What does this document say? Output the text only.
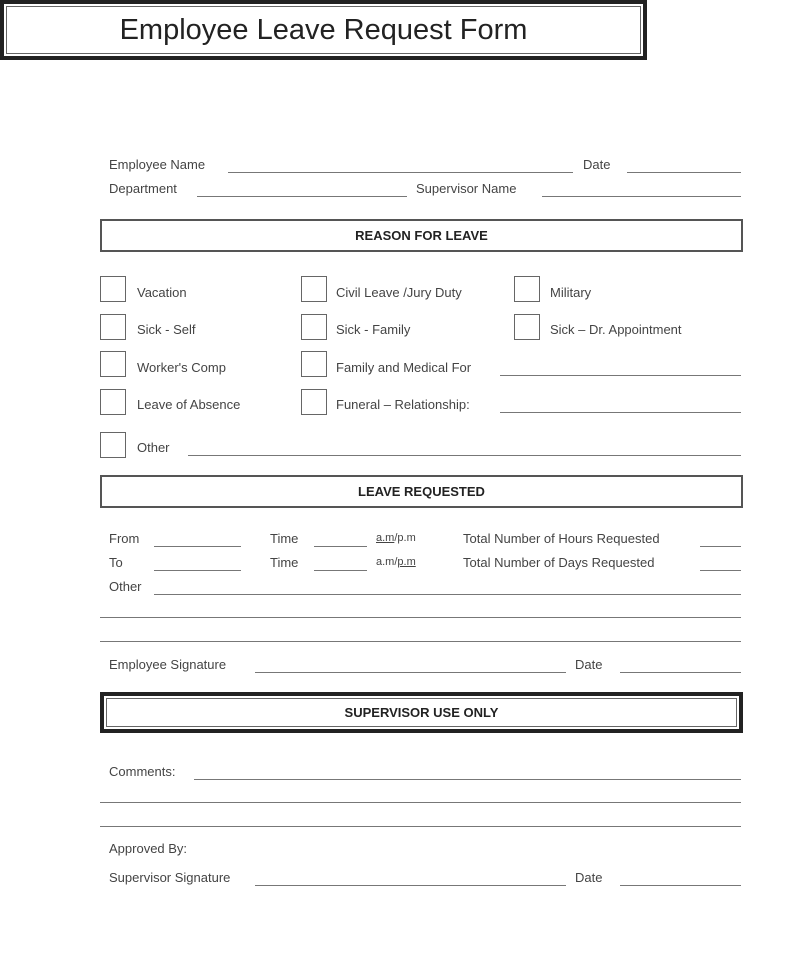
Employee Leave Request Form
Employee Name	Date
Department	Supervisor Name
REASON FOR LEAVE
Vacation	Civil Leave /Jury Duty	Military
Sick - Self	Sick - Family	Sick – Dr. Appointment
Worker's Comp	Family and Medical For
Leave of Absence	Funeral – Relationship:
Other
LEAVE REQUESTED
From	Time	a.m/p.m	Total Number of Hours Requested
To	Time	a.m/p.m	Total Number of Days Requested
Other
Employee Signature	Date
SUPERVISOR USE ONLY
Comments:
Approved By:
Supervisor Signature	Date
